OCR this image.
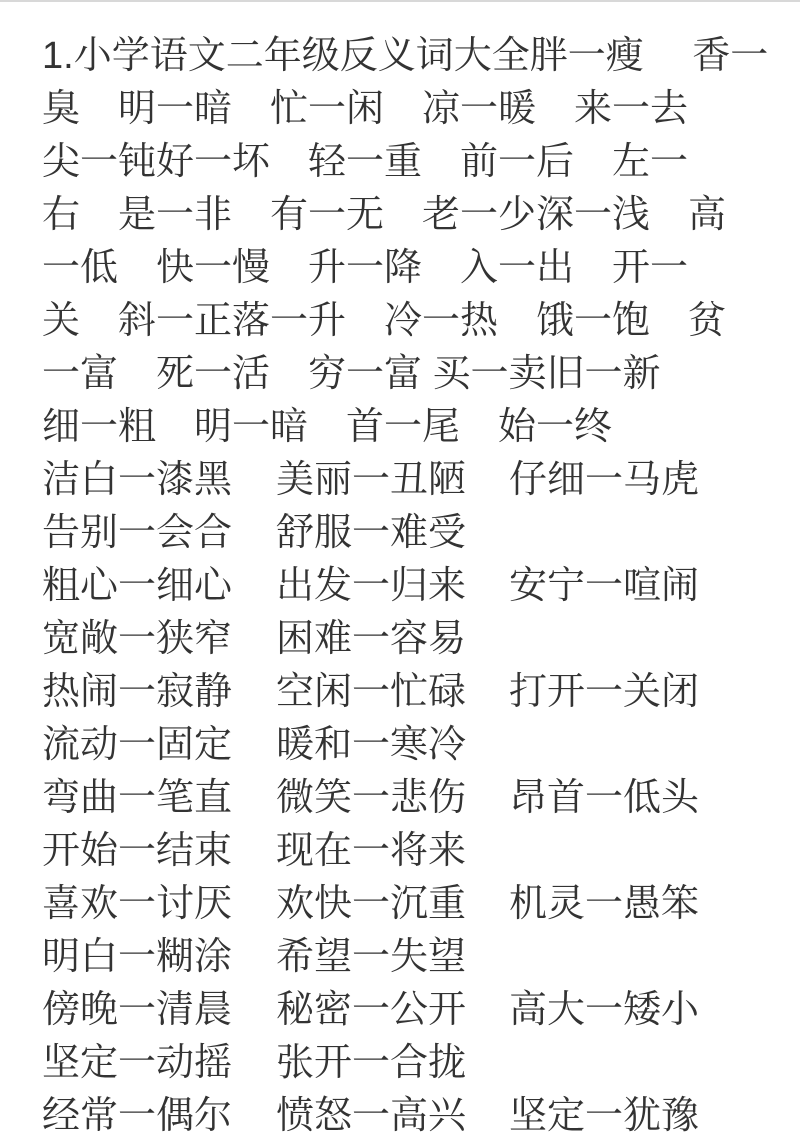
1.小学语文二年级反义词大全胖一瘦　 香一
臭　明一暗　忙一闲　凉一暖　来一去
尖一钝好一坏　轻一重　前一后　左一
右　是一非　有一无　老一少深一浅　高
一低　快一慢　升一降　入一出　开一
关　斜一正落一升　冷一热　饿一饱　贫
一富　死一活　穷一富 买一卖旧一新
细一粗　明一暗　首一尾　始一终
洁白一漆黑	美丽一丑陋	仔细一马虎
告别一会合	舒服一难受
粗心一细心	出发一归来	安宁一喧闹
宽敞一狭窄	困难一容易
热闹一寂静	空闲一忙碌	打开一关闭
流动一固定	暖和一寒冷
弯曲一笔直	微笑一悲伤	昂首一低头
开始一结束	现在一将来
喜欢一讨厌	欢快一沉重	机灵一愚笨
明白一糊涂	希望一失望
傍晚一清晨	秘密一公开	高大一矮小
坚定一动摇	张开一合拢
经常一偶尔	愤怒一高兴	坚定一犹豫
